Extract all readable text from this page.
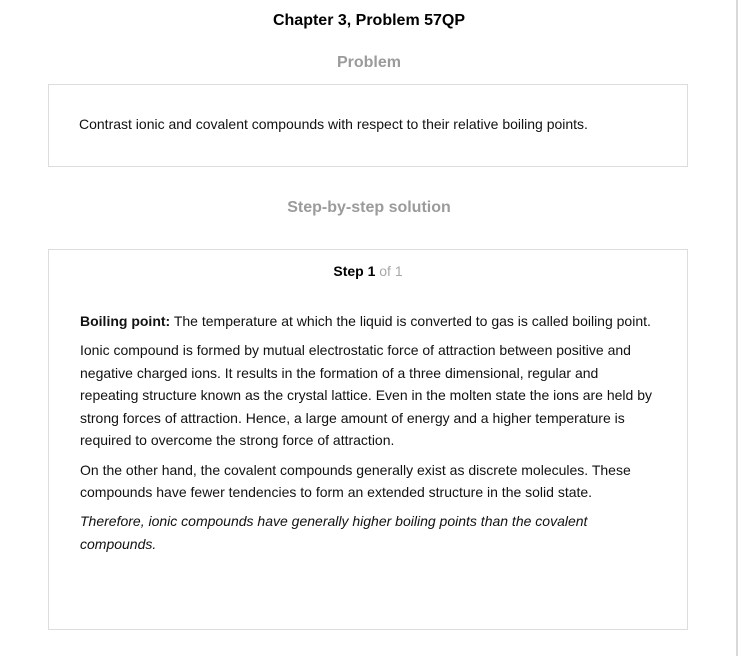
Chapter 3, Problem 57QP
Problem
Contrast ionic and covalent compounds with respect to their relative boiling points.
Step-by-step solution
Step 1 of 1

Boiling point: The temperature at which the liquid is converted to gas is called boiling point.

Ionic compound is formed by mutual electrostatic force of attraction between positive and negative charged ions. It results in the formation of a three dimensional, regular and repeating structure known as the crystal lattice. Even in the molten state the ions are held by strong forces of attraction. Hence, a large amount of energy and a higher temperature is required to overcome the strong force of attraction.

On the other hand, the covalent compounds generally exist as discrete molecules. These compounds have fewer tendencies to form an extended structure in the solid state.

Therefore, ionic compounds have generally higher boiling points than the covalent compounds.
